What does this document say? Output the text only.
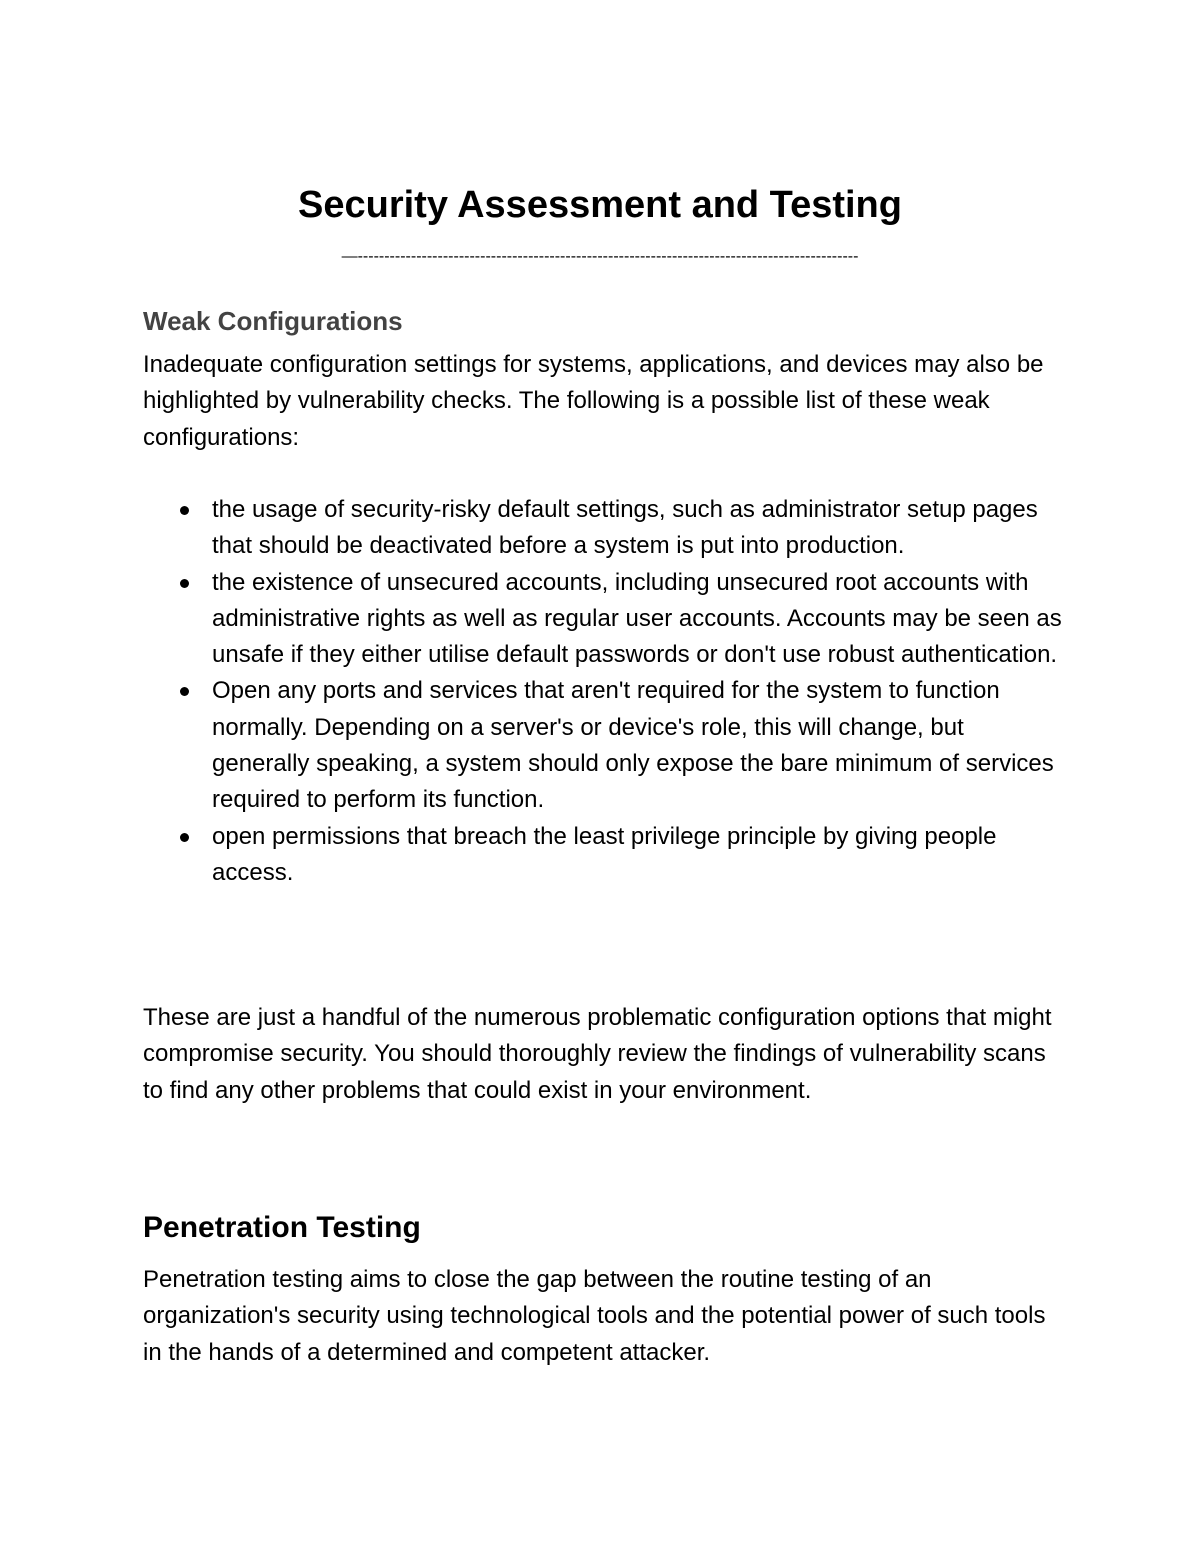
Security Assessment and Testing
—----------------------------------------------------------------------------------------------
Weak Configurations

Inadequate configuration settings for systems, applications, and devices may also be highlighted by vulnerability checks. The following is a possible list of these weak configurations:

the usage of security-risky default settings, such as administrator setup pages that should be deactivated before a system is put into production.
the existence of unsecured accounts, including unsecured root accounts with administrative rights as well as regular user accounts. Accounts may be seen as unsafe if they either utilise default passwords or don't use robust authentication.
Open any ports and services that aren't required for the system to function normally. Depending on a server's or device's role, this will change, but generally speaking, a system should only expose the bare minimum of services required to perform its function.
open permissions that breach the least privilege principle by giving people access.

These are just a handful of the numerous problematic configuration options that might compromise security. You should thoroughly review the findings of vulnerability scans to find any other problems that could exist in your environment.

Penetration Testing

Penetration testing aims to close the gap between the routine testing of an organization's security using technological tools and the potential power of such tools in the hands of a determined and competent attacker.
